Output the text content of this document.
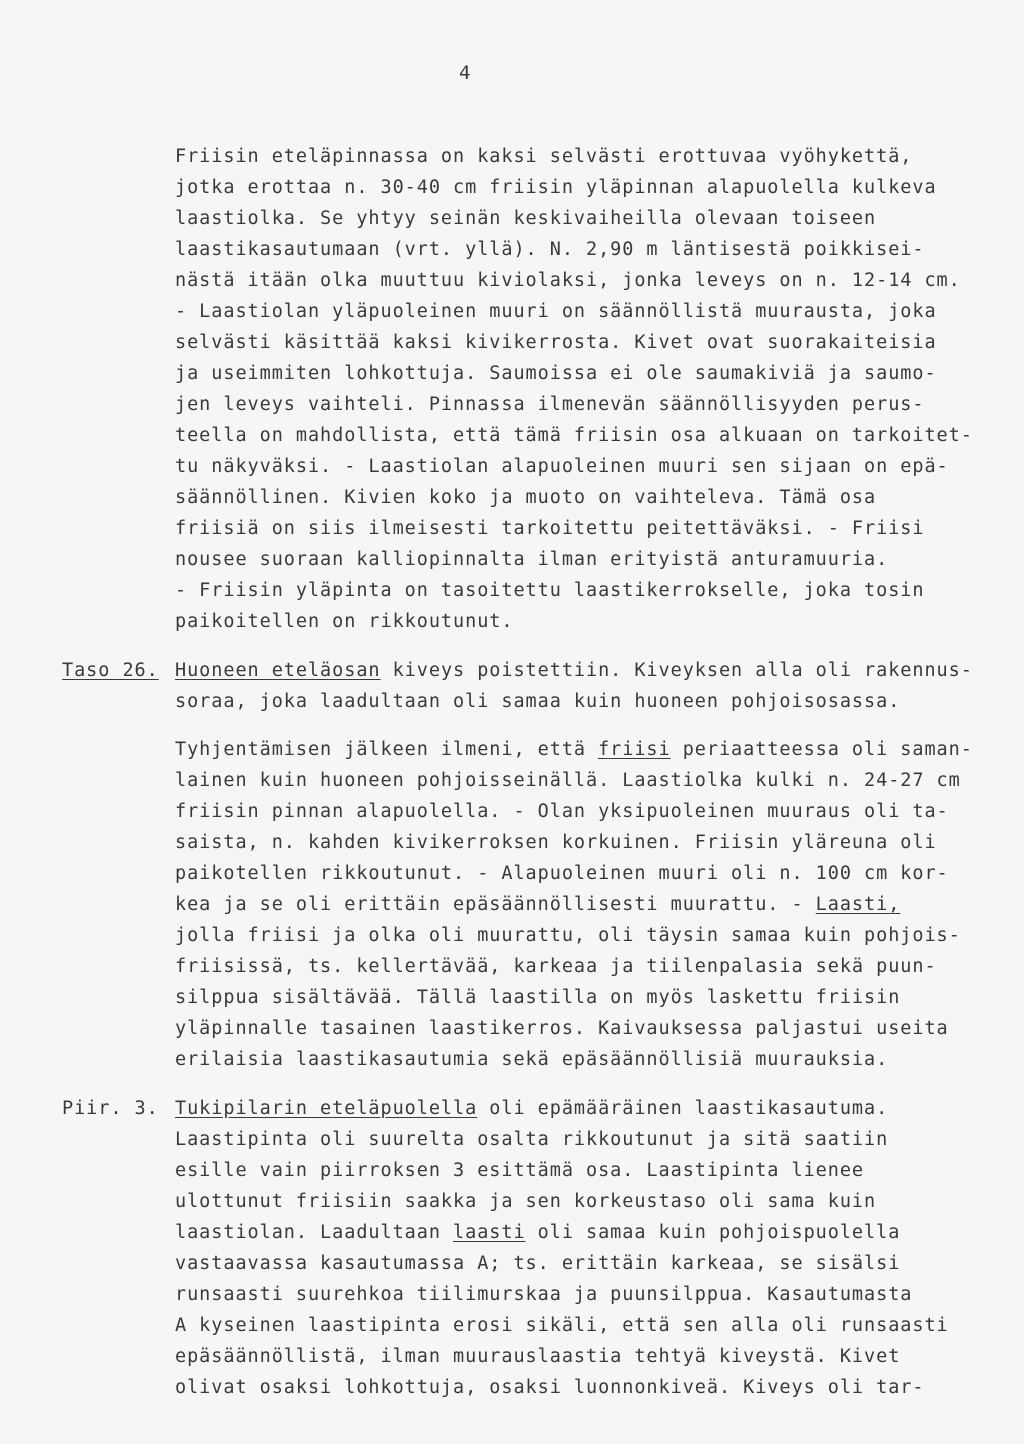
4
Friisin eteläpinnassa on kaksi selvästi erottuvaa vyöhykettä,
jotka erottaa n. 30-40 cm friisin yläpinnan alapuolella kulkeva
laastiolka. Se yhtyy seinän keskivaiheilla olevaan toiseen
laastikasautumaan (vrt. yllä). N. 2,90 m läntisestä poikkisei-
nästä itään olka muuttuu kiviolaksi, jonka leveys on n. 12-14 cm.
- Laastiolan yläpuoleinen muuri on säännöllistä muurausta, joka
selvästi käsittää kaksi kivikerrosta. Kivet ovat suorakaiteisia
ja useimmiten lohkottuja. Saumoissa ei ole saumakiviä ja saumo-
jen leveys vaihteli. Pinnassa ilmenevän säännöllisyyden perus-
teella on mahdollista, että tämä friisin osa alkuaan on tarkoitet-
tu näkyväksi. - Laastiolan alapuoleinen muuri sen sijaan on epä-
säännöllinen. Kivien koko ja muoto on vaihteleva. Tämä osa
friisiä on siis ilmeisesti tarkoitettu peitettäväksi. - Friisi
nousee suoraan kalliopinnalta ilman erityistä anturamuuria.
- Friisin yläpinta on tasoitettu laastikerrokselle, joka tosin
paikoitellen on rikkoutunut.
Taso 26. Huoneen eteläosan kiveys poistettiin. Kiveyksen alla oli rakennus-
soraa, joka laadultaan oli samaa kuin huoneen pohjoisosassa.
Tyhjentämisen jälkeen ilmeni, että friisi periaatteessa oli saman-
lainen kuin huoneen pohjoisseinällä. Laastiolka kulki n. 24-27 cm
friisin pinnan alapuolella. - Olan yksipuoleinen muuraus oli ta-
saista, n. kahden kivikerroksen korkuinen. Friisin yläreuna oli
paikotellen rikkoutunut. - Alapuoleinen muuri oli n. 100 cm kor-
kea ja se oli erittäin epäsäännöllisesti muurattu. - Laasti,
jolla friisi ja olka oli muurattu, oli täysin samaa kuin pohjois-
friisissä, ts. kellertävää, karkeaa ja tiilenpalasia sekä puun-
silppua sisältävää. Tällä laastilla on myös laskettu friisin
yläpinnalle tasainen laastikerros. Kaivauksessa paljastui useita
erilaisia laastikasautumia sekä epäsäännöllisiä muurauksia.
Piir. 3. Tukipilarin eteläpuolella oli epämääräinen laastikasautuma.
Laastipinta oli suurelta osalta rikkoutunut ja sitä saatiin
esille vain piirroksen 3 esittämä osa. Laastipinta lienee
ulottunut friisiin saakka ja sen korkeustaso oli sama kuin
laastiolan. Laadultaan laasti oli samaa kuin pohjoispuolella
vastaavassa kasautumassa A; ts. erittäin karkeaa, se sisälsi
runsaasti suurehkoa tiilimurskaa ja puunsilppua. Kasautumasta
A kyseinen laastipinta erosi sikäli, että sen alla oli runsaasti
epäsäännöllistä, ilman muurauslaastia tehtyä kiveystä. Kivet
olivat osaksi lohkottuja, osaksi luonnonkiveä. Kiveys oli tar-
